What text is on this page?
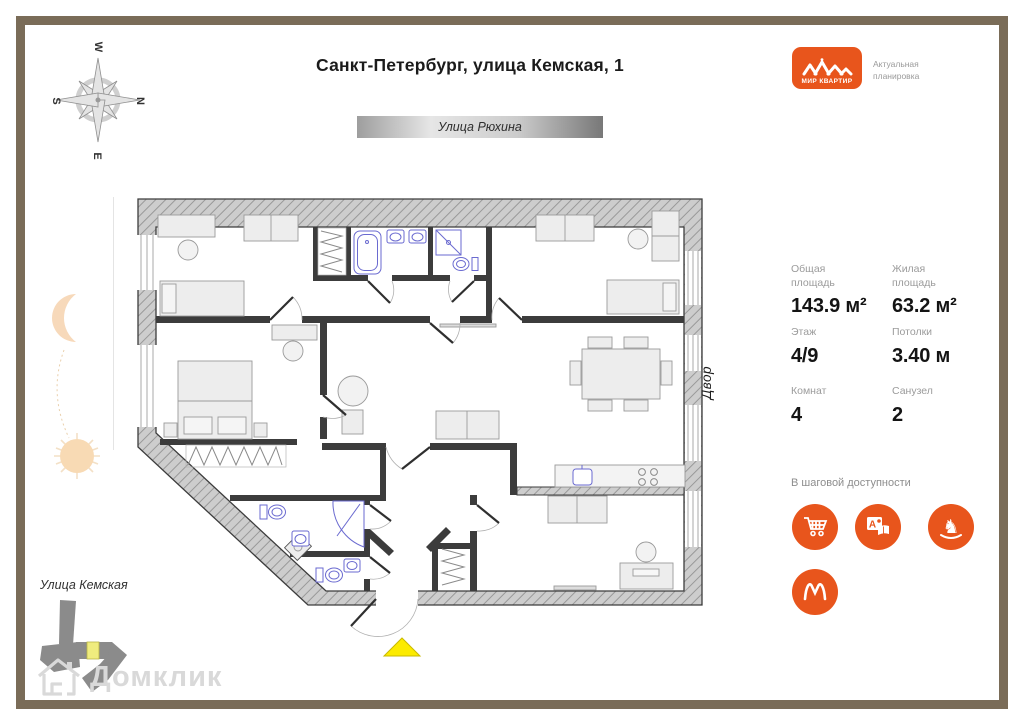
W
N
E
S
Санкт-Петербург, улица Кемская, 1
Улица Рюхина
МИР КВАРТИР
Актуальная
планировка
Двор
Общая площадь
143.9 м²
Жилая площадь
63.2 м²
Этаж
4/9
Потолки
3.40 м
Комнат
4
Санузел
2
В шаговой доступности
А	♞
Улица Кемская
Домклик
